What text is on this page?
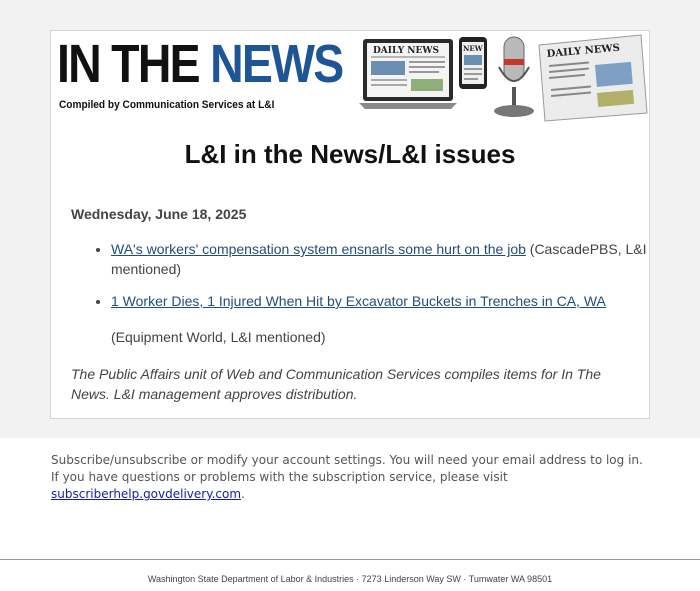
IN THE NEWS
Compiled by Communication Services at L&I
DAILY NEWS	NEW	DAILY NEWS
L&I in the News/L&I issues
Wednesday, June 18, 2025
• WA's workers' compensation system ensnarls some hurt on the job (CascadePBS, L&I mentioned)
• 1 Worker Dies, 1 Injured When Hit by Excavator Buckets in Trenches in CA, WA
(Equipment World, L&I mentioned)
The Public Affairs unit of Web and Communication Services compiles items for In The News. L&I management approves distribution.
Subscribe/unsubscribe or modify your account settings. You will need your email address to log in. If you have questions or problems with the subscription service, please visit subscriberhelp.govdelivery.com.
Washington State Department of Labor & Industries · 7273 Linderson Way SW · Tumwater WA 98501
